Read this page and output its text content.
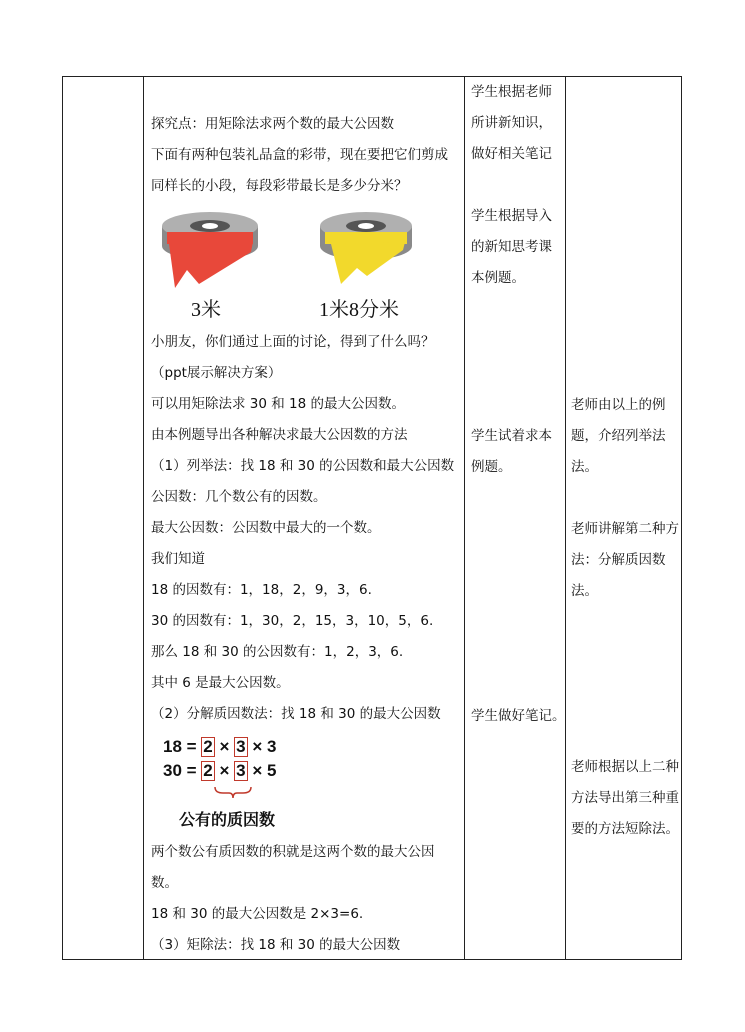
探究点：用矩除法求两个数的最大公因数
下面有两种包装礼品盒的彩带，现在要把它们剪成
同样长的小段，每段彩带最长是多少分米？
3米	1米8分米
小朋友，你们通过上面的讨论，得到了什么吗？
（ppt展示解决方案）
可以用矩除法求 30 和 18 的最大公因数。
由本例题导出各种解决求最大公因数的方法
（1）列举法：找 18 和 30 的公因数和最大公因数
公因数：几个数公有的因数。
最大公因数：公因数中最大的一个数。
我们知道
18 的因数有：1，18，2，9，3，6.
30 的因数有：1，30，2，15，3，10，5，6.
那么 18 和 30 的公因数有：1，2，3，6.
其中 6 是最大公因数。
（2）分解质因数法：找 18 和 30 的最大公因数
18 = 2 × 3 × 3
30 = 2 × 3 × 5
公有的质因数
两个数公有质因数的积就是这两个数的最大公因
数。
18 和 30 的最大公因数是 2×3=6.
（3）矩除法：找 18 和 30 的最大公因数
学生根据老师所讲新知识，做好相关笔记
学生根据导入的新知思考课本例题。
学生试着求本例题。
学生做好笔记。
老师由以上的例题，介绍列举法法。
老师讲解第二种方法：分解质因数法。
老师根据以上二种方法导出第三种重要的方法短除法。
